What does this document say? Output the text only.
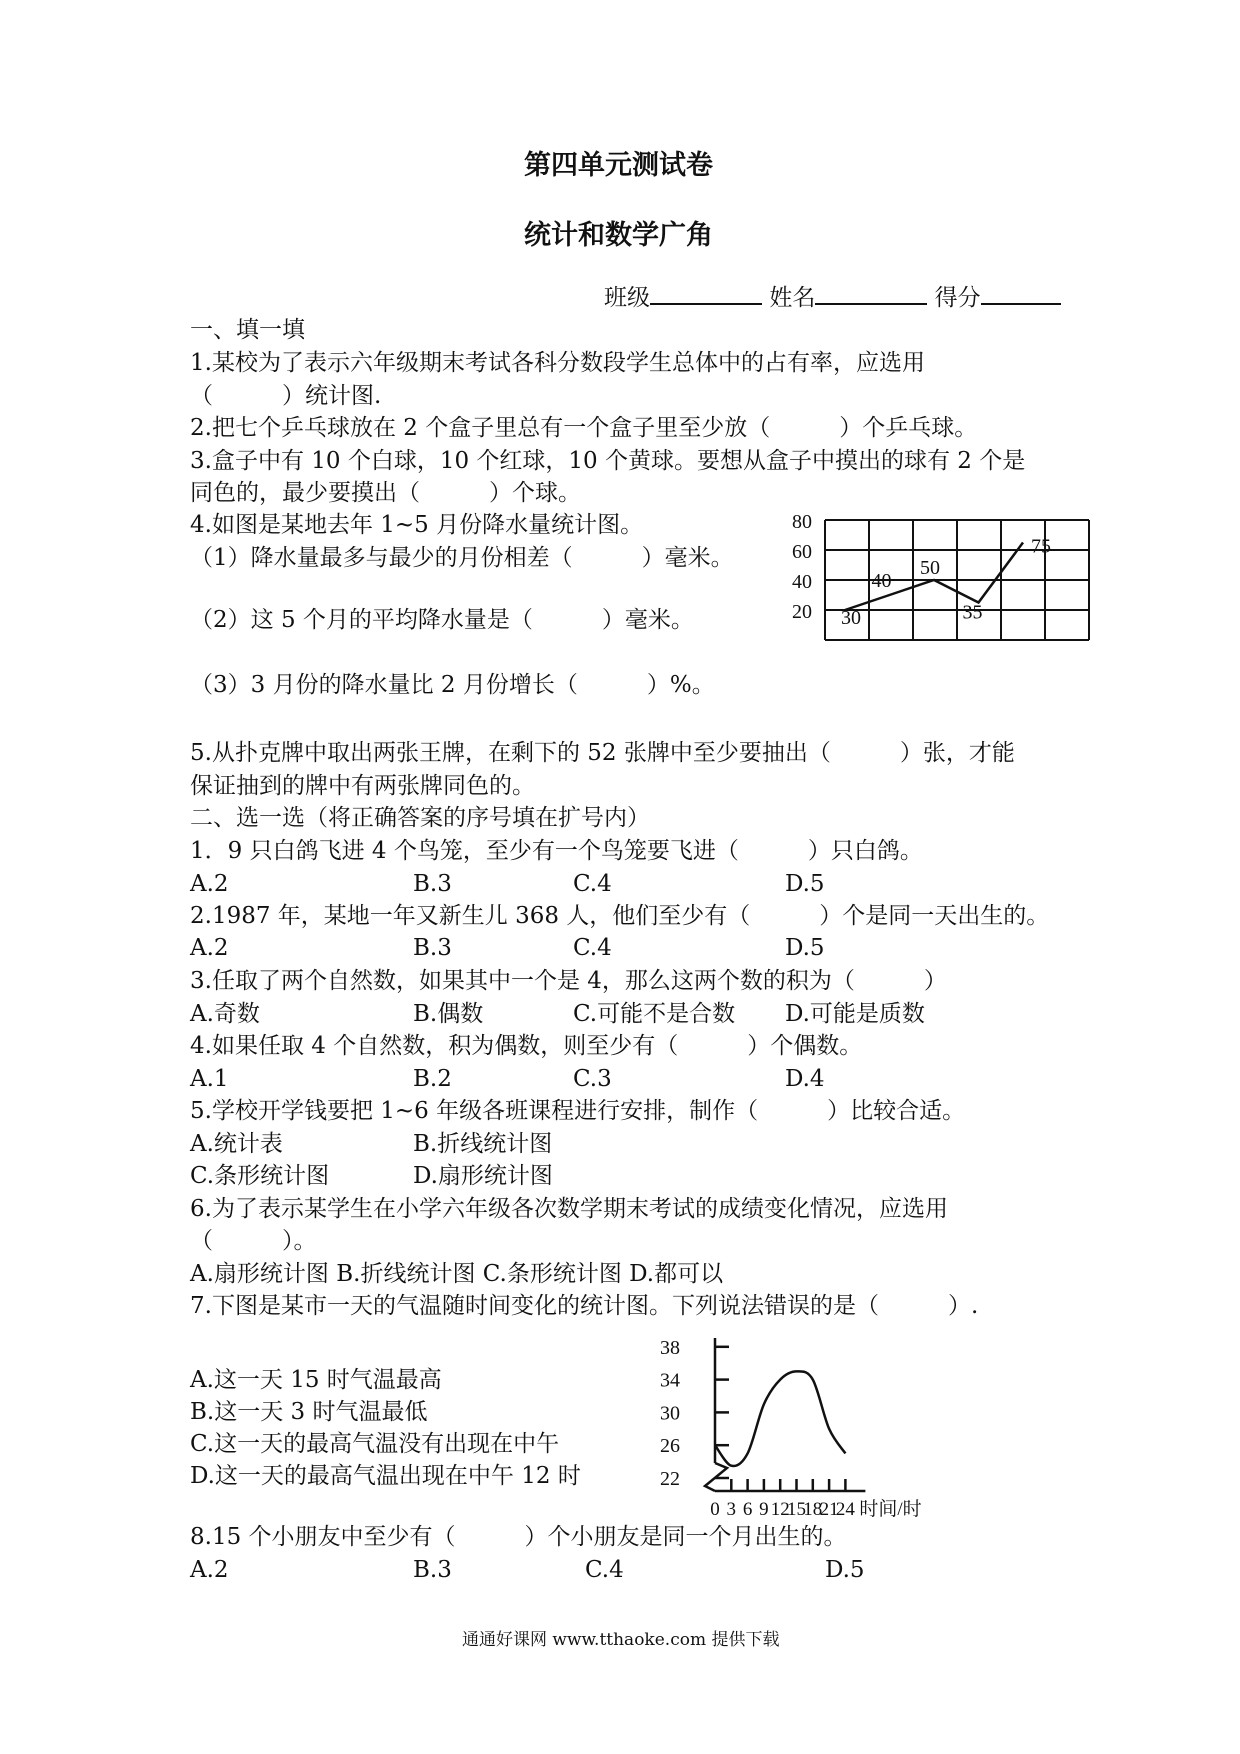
第四单元测试卷
统计和数学广角
班级	姓名	得分
一、填一填
1.某校为了表示六年级期末考试各科分数段学生总体中的占有率，应选用
（　　　）统计图.
2.把七个乒乓球放在 2 个盒子里总有一个盒子里至少放（　　　）个乒乓球。
3.盒子中有 10 个白球，10 个红球，10 个黄球。要想从盒子中摸出的球有 2 个是
同色的，最少要摸出（　　　）个球。
4.如图是某地去年 1~5 月份降水量统计图。
（1）降水量最多与最少的月份相差（　　　）毫米。
（2）这 5 个月的平均降水量是（　　　）毫米。
（3）3 月份的降水量比 2 月份增长（　　　）%。
5.从扑克牌中取出两张王牌，在剩下的 52 张牌中至少要抽出（　　　）张，才能
保证抽到的牌中有两张牌同色的。
80
60
40
20 30
40
50
35
75
二、选一选（将正确答案的序号填在扩号内）
1．9 只白鸽飞进 4 个鸟笼，至少有一个鸟笼要飞进（　　　）只白鸽。
A.2	B.3	C.4	D.5
2.1987 年，某地一年又新生儿 368 人，他们至少有（　　　）个是同一天出生的。
A.2	B.3	C.4	D.5
3.任取了两个自然数，如果其中一个是 4，那么这两个数的积为（　　　）
A.奇数	B.偶数	C.可能不是合数 D.可能是质数
4.如果任取 4 个自然数，积为偶数，则至少有（　　　）个偶数。
A.1	B.2	C.3	D.4
5.学校开学钱要把 1~6 年级各班课程进行安排，制作（　　　）比较合适。
A.统计表	B.折线统计图
C.条形统计图	D.扇形统计图
6.为了表示某学生在小学六年级各次数学期末考试的成绩变化情况，应选用
（　　　）。
A.扇形统计图 B.折线统计图 C.条形统计图 D.都可以
7.下图是某市一天的气温随时间变化的统计图。下列说法错误的是（　　　）.
A.这一天 15 时气温最高
B.这一天 3 时气温最低
C.这一天的最高气温没有出现在中午
D.这一天的最高气温出现在中午 12 时
38
34
30
26
22
0 3 6 9 12
15
18
21
24 时间/时
8.15 个小朋友中至少有（　　　）个小朋友是同一个月出生的。
A.2	B.3	C.4	D.5
通通好课网 www.tthaoke.com 提供下载
